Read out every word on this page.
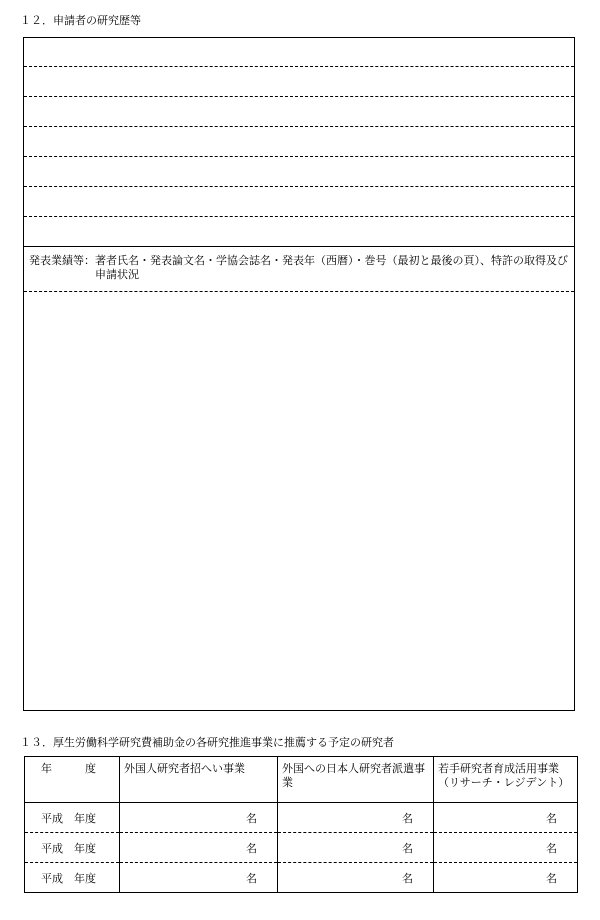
１２．申請者の研究歴等
発表業績等： 著者氏名・発表論文名・学協会誌名・発表年（西暦）・巻号（最初と最後の頁）、特許の取得及び申請状況
１３．厚生労働科学研究費補助金の各研究推進事業に推薦する予定の研究者
年　　　度	外国人研究者招へい事業	外国への日本人研究者派遣事業	若手研究者育成活用事業（リサーチ・レジデント）
平成　年度	名	名	名
平成　年度	名	名	名
平成　年度	名	名	名
